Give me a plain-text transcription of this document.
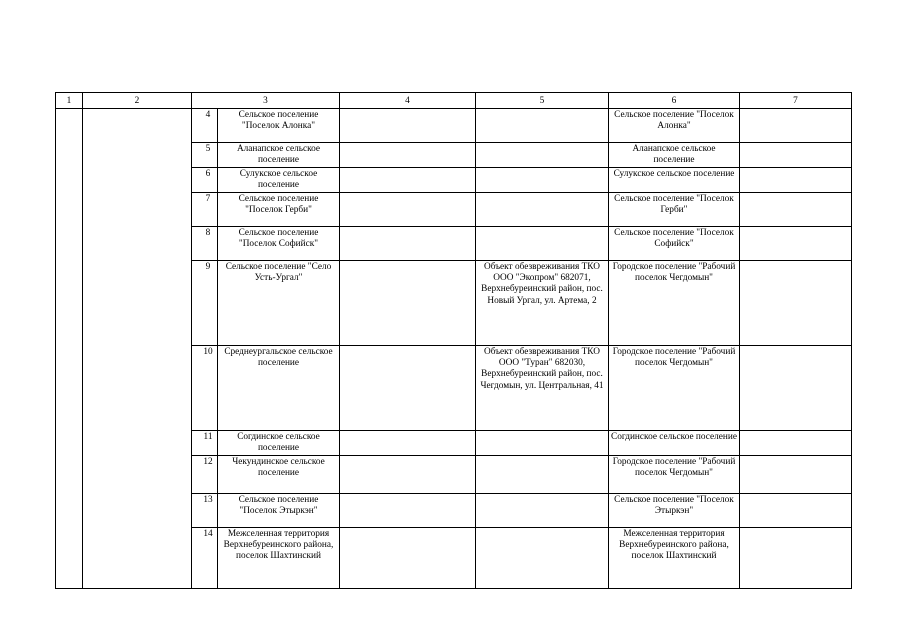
1	2	3		4	5	6	7
		4	Сельское поселение "Поселок Алонка"			Сельское поселение "Поселок Алонка"	
		5	Аланапское сельское поселение			Аланапское сельское поселение	
		6	Сулукское сельское поселение			Сулукское сельское поселение	
		7	Сельское поселение "Поселок Герби"			Сельское поселение "Поселок Герби"	
		8	Сельское поселение "Поселок Софийск"			Сельское поселение "Поселок Софийск"	
		9	Сельское поселение "Село Усть-Ургал"		Объект обезвреживания ТКО ООО "Экопром" 682071, Верхнебуреинский район, пос. Новый Ургал, ул. Артема, 2	Городское поселение "Рабочий поселок Чегдомын"	
		10	Среднеургальское сельское поселение		Объект обезвреживания ТКО ООО "Туран" 682030, Верхнебуреинский район, пос. Чегдомын, ул. Центральная, 41	Городское поселение "Рабочий поселок Чегдомын"	
		11	Согдинское сельское поселение			Согдинское сельское поселение	
		12	Чекундинское сельское поселение			Городское поселение "Рабочий поселок Чегдомын"	
		13	Сельское поселение "Поселок Этыркэн"			Сельское поселение "Поселок Этыркэн"	
		14	Межселенная территория Верхнебуреинского района, поселок Шахтинский			Межселенная территория Верхнебуреинского района, поселок Шахтинский	
